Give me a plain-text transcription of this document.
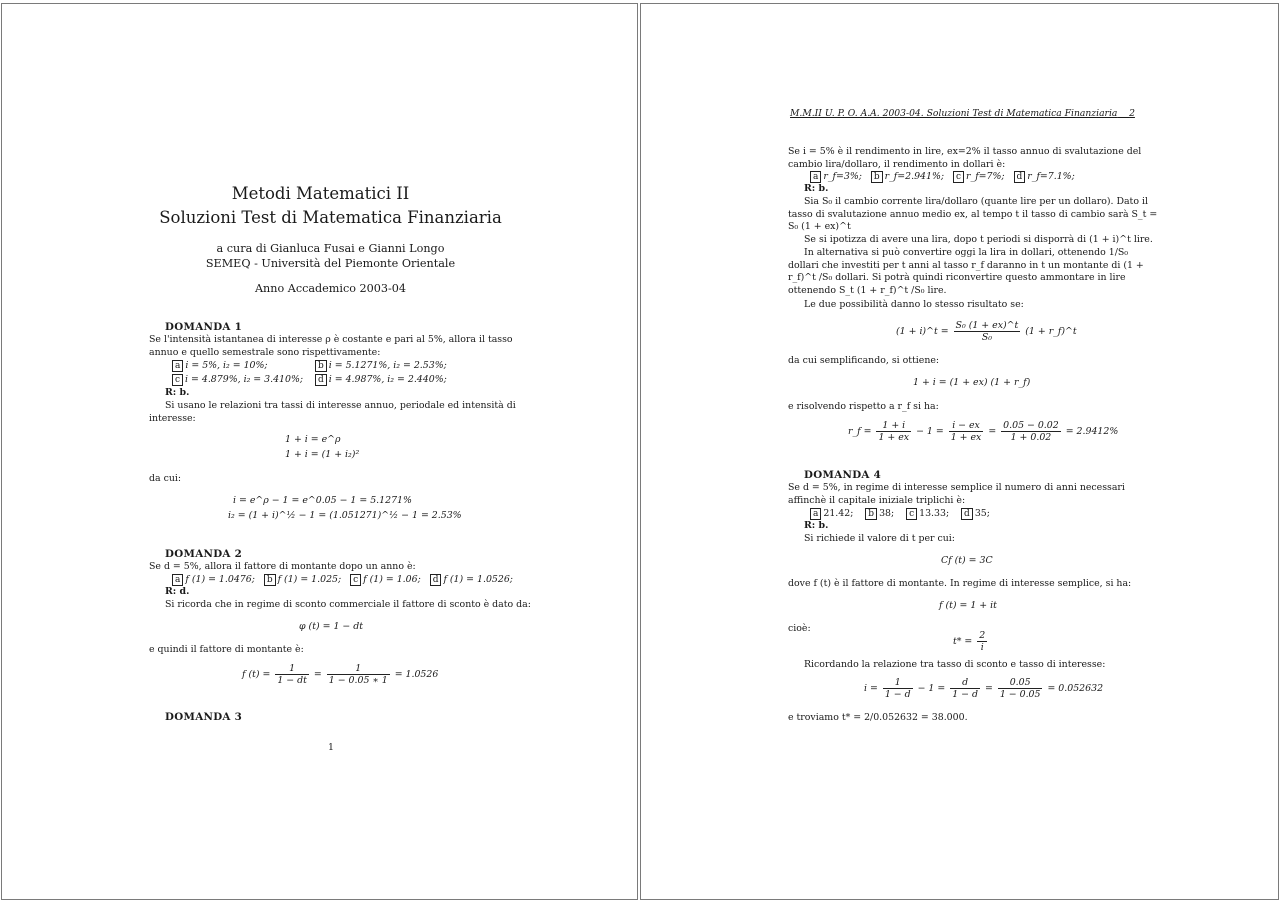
Metodi Matematici II
Soluzioni Test di Matematica Finanziaria
a cura di Gianluca Fusai e Gianni Longo
SEMEQ - Università del Piemonte Orientale
Anno Accademico 2003-04
DOMANDA 1
Se l'intensità istantanea di interesse ρ è costante e pari al 5%, allora il tasso annuo e quello semestrale sono rispettivamente:
a i = 5%, i₂ = 10%;	b i = 5.1271%, i₂ = 2.53%;
c i = 4.879%, i₂ = 3.410%;	d i = 4.987%, i₂ = 2.440%;
R: b.
Si usano le relazioni tra tassi di interesse annuo, periodale ed intensità di interesse:
1 + i = e^ρ
1 + i = (1 + i₂)²
da cui:
i = e^ρ − 1 = e^0.05 − 1 = 5.1271%
i₂ = (1 + i)^½ − 1 = (1.051271)^½ − 1 = 2.53%
DOMANDA 2
Se d = 5%, allora il fattore di montante dopo un anno è:
a f (1) = 1.0476; b f (1) = 1.025; c f (1) = 1.06; d f (1) = 1.0526;
R: d.
Si ricorda che in regime di sconto commerciale il fattore di sconto è dato da:
φ (t) = 1 − dt
e quindi il fattore di montante è:
f $(t) = \frac{1}{1 - dt} = \frac{1}{1 - 0.05 ∗ 1} = 1.0526$
DOMANDA 3
1
M.M.II U. P. O. A.A. 2003-04. Soluzioni Test di Matematica Finanziaria 2
Se i = 5% è il rendimento in lire, ex=2% il tasso annuo di svalutazione del cambio lira/dollaro, il rendimento in dollari è:
a r_f=3%; b r_f=2.941%; c r_f=7%; d r_f=7.1%;
R: b.
Sia S₀ il cambio corrente lira/dollaro (quante lire per un dollaro). Dato il tasso di svalutazione annuo medio ex, al tempo t il tasso di cambio sarà S_t = S₀ (1 + ex)^t
Se si ipotizza di avere una lira, dopo t periodi si disporrà di (1 + i)^t lire.
In alternativa si può convertire oggi la lira in dollari, ottenendo 1/S₀ dollari che investiti per t anni al tasso r_f daranno in t un montante di (1 + r_f)^t /S₀ dollari. Si potrà quindi riconvertire questo ammontare in lire ottenendo S_t (1 + r_f)^t /S₀ lire.
Le due possibilità danno lo stesso risultato se:
(1 + i)^t = $\frac{\text{S₀ (1 + ex)\textasciicircum{}t}}{\text{S₀}} (1$ + r_f)^t
da cui semplificando, si ottiene:
1 + i = (1 + ex) (1 + r_f)
e risolvendo rispetto a r_f si ha:
r_f = $\frac{1 + i}{1 + ex} - 1 = \frac{i - ex}{1 + ex} = \frac{0.05 - 0.02}{1 + 0.02} = 2.9412\%$
DOMANDA 4
Se d = 5%, in regime di interesse semplice il numero di anni necessari affinchè il capitale iniziale triplichi è:
a 21.42; b 38; c 13.33; d 35;
R: b.
Si richiede il valore di t per cui:
Cf (t) = 3C
dove f (t) è il fattore di montante. In regime di interesse semplice, si ha:
f (t) = 1 + it
cioè:
$t* = \frac{2}{i}$
Ricordando la relazione tra tasso di sconto e tasso di interesse:
$i = \frac{1}{1 - d} - 1 = \frac{d}{1 - d} = \frac{0.05}{1 - 0.05} = 0.052632$
e troviamo t* = 2/0.052632 = 38.000.
